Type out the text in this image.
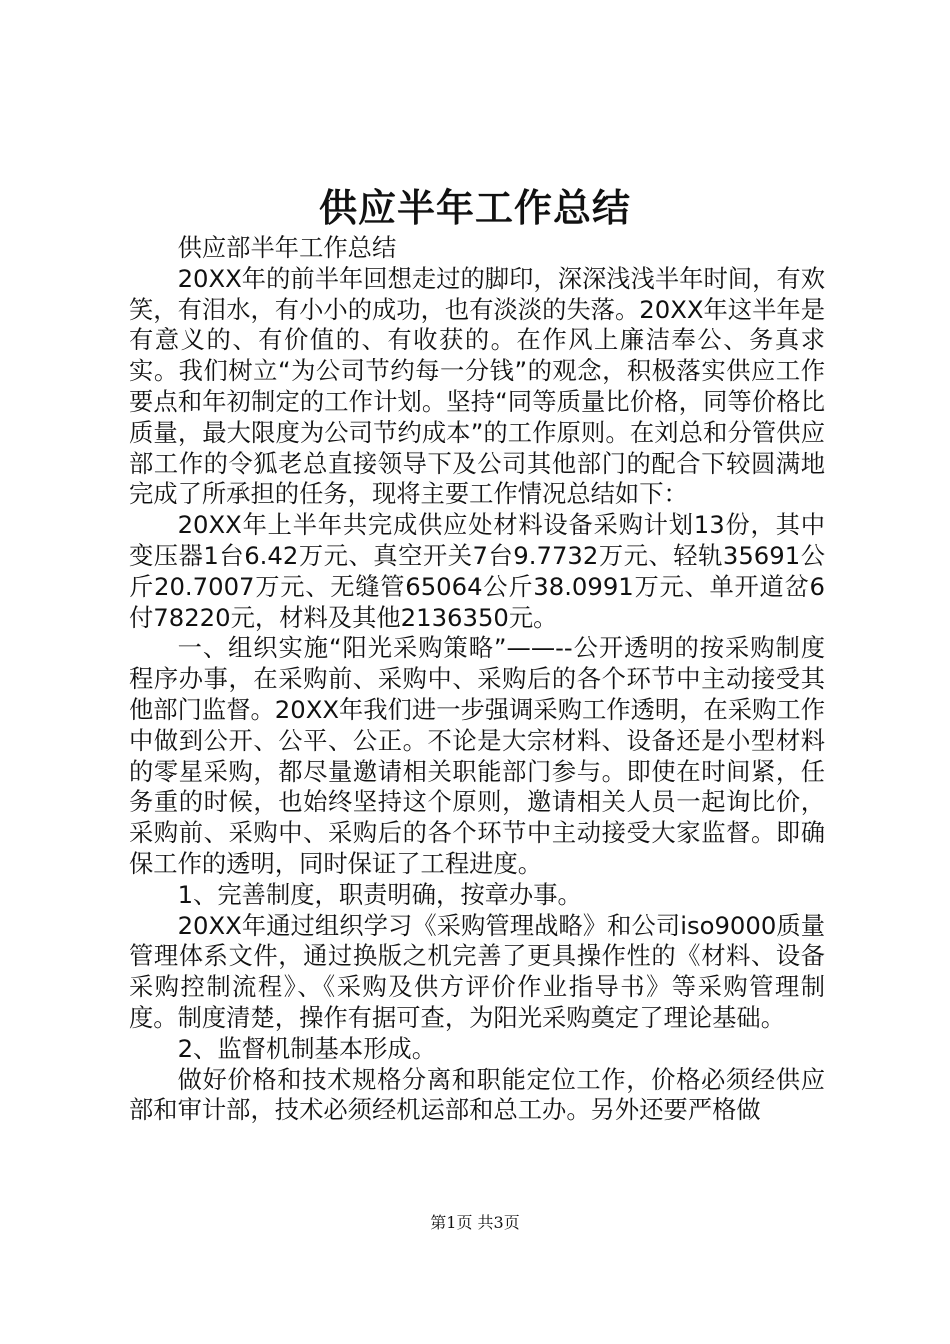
供应半年工作总结

供应部半年工作总结

20XX年的前半年回想走过的脚印，深深浅浅半年时间，有欢笑，有泪水，有小小的成功，也有淡淡的失落。20XX年这半年是有意义的、有价值的、有收获的。在作风上廉洁奉公、务真求实。我们树立“为公司节约每一分钱”的观念，积极落实供应工作要点和年初制定的工作计划。坚持“同等质量比价格，同等价格比质量，最大限度为公司节约成本”的工作原则。在刘总和分管供应部工作的令狐老总直接领导下及公司其他部门的配合下较圆满地完成了所承担的任务，现将主要工作情况总结如下：

20XX年上半年共完成供应处材料设备采购计划13份，其中变压器1台6.42万元、真空开关7台9.7732万元、轻轨35691公斤20.7007万元、无缝管65064公斤38.0991万元、单开道岔6付78220元，材料及其他2136350元。

一、组织实施“阳光采购策略”——--公开透明的按采购制度程序办事，在采购前、采购中、采购后的各个环节中主动接受其他部门监督。20XX年我们进一步强调采购工作透明，在采购工作中做到公开、公平、公正。不论是大宗材料、设备还是小型材料的零星采购，都尽量邀请相关职能部门参与。即使在时间紧，任务重的时候，也始终坚持这个原则，邀请相关人员一起询比价，采购前、采购中、采购后的各个环节中主动接受大家监督。即确保工作的透明，同时保证了工程进度。

1、完善制度，职责明确，按章办事。

20XX年通过组织学习《采购管理战略》和公司iso9000质量管理体系文件，通过换版之机完善了更具操作性的《材料、设备采购控制流程》、《采购及供方评价作业指导书》等采购管理制度。制度清楚，操作有据可查，为阳光采购奠定了理论基础。

2、监督机制基本形成。

做好价格和技术规格分离和职能定位工作，价格必须经供应部和审计部，技术必须经机运部和总工办。另外还要严格做

第1页 共3页
